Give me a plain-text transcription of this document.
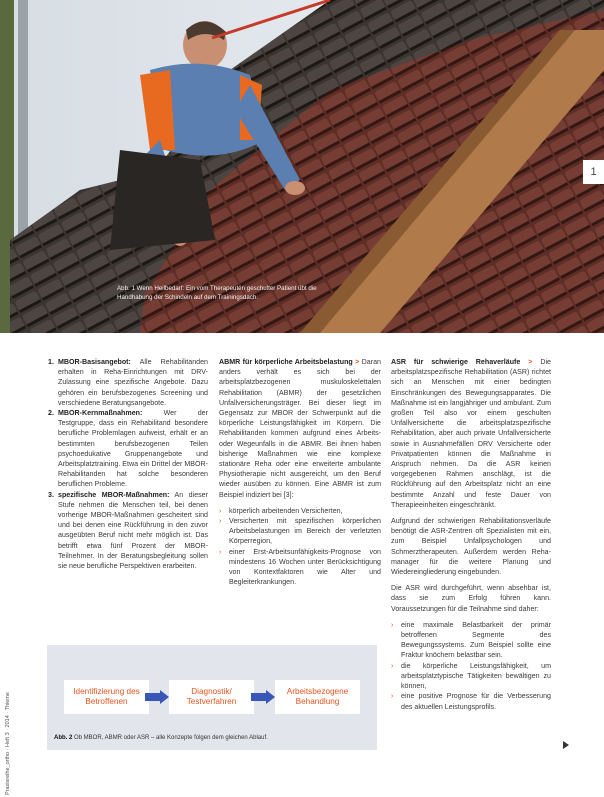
Abb. 1 Wenn Heilbedarf: Ein vom Therapeuten geschulter Patient übt die Handhabung der Schindeln auf dem Trainingsdach.
1
Praxisreihe_ortho · Heft 3 · 2014 · Thieme
1. MBOR-Basisangebot: Alle Rehabilitanden erhalten in Reha-Einrichtungen mit DRV-Zulassung eine spezifische Angebote. Dazu gehören ein berufsbezogenes Screening und verschiedene Beratungsangebote.
2. MBOR-Kernmaßnahmen: Wer der Testgruppe, dass ein Rehabilitand besondere berufliche Problemlagen aufweist, erhält er an bestimmten berufsbezogenen Teilen psychoedukative Gruppenangebote und Arbeitsplatztraining. Etwa ein Drittel der MBOR-Rehabilitanden hat solche besonderen beruflichen Probleme.
3. spezifische MBOR-Maßnahmen: An dieser Stufe nehmen die Menschen teil, bei denen vorherige MBOR-Maßnahmen gescheitert sind und bei denen eine Rückführung in den zuvor ausgeübten Beruf nicht mehr möglich ist. Das betrifft etwa fünf Prozent der MBOR-Teilnehmer. In der Beratungsbegleitung sollen sie neue berufliche Perspektiven erarbeiten.

ABMR für körperliche Arbeitsbelastung > Daran anders verhält es sich bei der arbeitsplatzbezogenen muskuloskelettalen Rehabilitation (ABMR) der gesetzlichen Unfallversicherungsträger. Bei dieser liegt im Gegensatz zur MBOR der Schwerpunkt auf die körperliche Leistungsfähigkeit im Körpern. Die Rehabilitanden kommen aufgrund eines Arbeits- oder Wegeunfalls in die ABMR. Bei ihnen haben bisherige Maßnahmen wie eine komplexe stationäre Reha oder eine erweiterte ambulante Physiotherapie nicht ausgereicht, um den Beruf wieder ausüben zu können. Eine ABMR ist zum Beispiel indiziert bei [3]:

› körperlich arbeitenden Versicherten,
› Versicherten mit spezifischen körperlichen Arbeitsbelastungen im Bereich der verletzten Körperregion,
› einer Erst-Arbeitsunfähigkeits-Prognose von mindestens 16 Wochen unter Berücksichtigung von Kontextfaktoren wie Alter und Begleiterkrankungen.

ASR für schwierige Rehaverläufe > Die arbeitsplatzspezifische Rehabilitation (ASR) richtet sich an Menschen mit einer bedingten Einschränkungen des Bewegungsapparates. Die Maßnahme ist ein langjähriger und ambulant. Zum großen Teil also vor einem geschulten Unfallversicherte die arbeitsplatzspezifische Rehabilitation, aber auch private Unfallversicherte sowie in Ausnahmefällen DRV Versicherte oder Privatpatienten können die Maßnahme in Anspruch nehmen. Da die ASR keinen vorgegebenen Rahmen anschlägt, ist die Rückführung auf den Arbeitsplatz nicht an eine bestimmte Anzahl und feste Dauer von Therapieeinheiten eingeschränkt.

Aufgrund der schwierigen Rehabilitationsverläufe benötigt die ASR-Zentren oft Spezialisten mit ein, zum Beispiel Unfallpsychologen und Schmerztherapeuten. Außerdem werden Reha-manager für die weitere Planung und Wiedereingliederung eingebunden.

Die ASR wird durchgeführt, wenn absehbar ist, dass sie zum Erfolg führen kann. Voraussetzungen für die Teilnahme sind daher:

› eine maximale Belastbarkeit der primär betroffenen Segmente des Bewegungssystems. Zum Beispiel sollte eine Fraktur knöchern belastbar sein.
› die körperliche Leistungsfähigkeit, um arbeitsplatztypische Tätigkeiten bewältigen zu können,
› eine positive Prognose für die Verbesserung des aktuellen Leistungsprofils.
Identifizierung des Betroffenen
Diagnostik/ Testverfahren
Arbeitsbezogene Behandlung
Abb. 2 Ob MBOR, ABMR oder ASR – alle Konzepte folgen dem gleichen Ablauf.
